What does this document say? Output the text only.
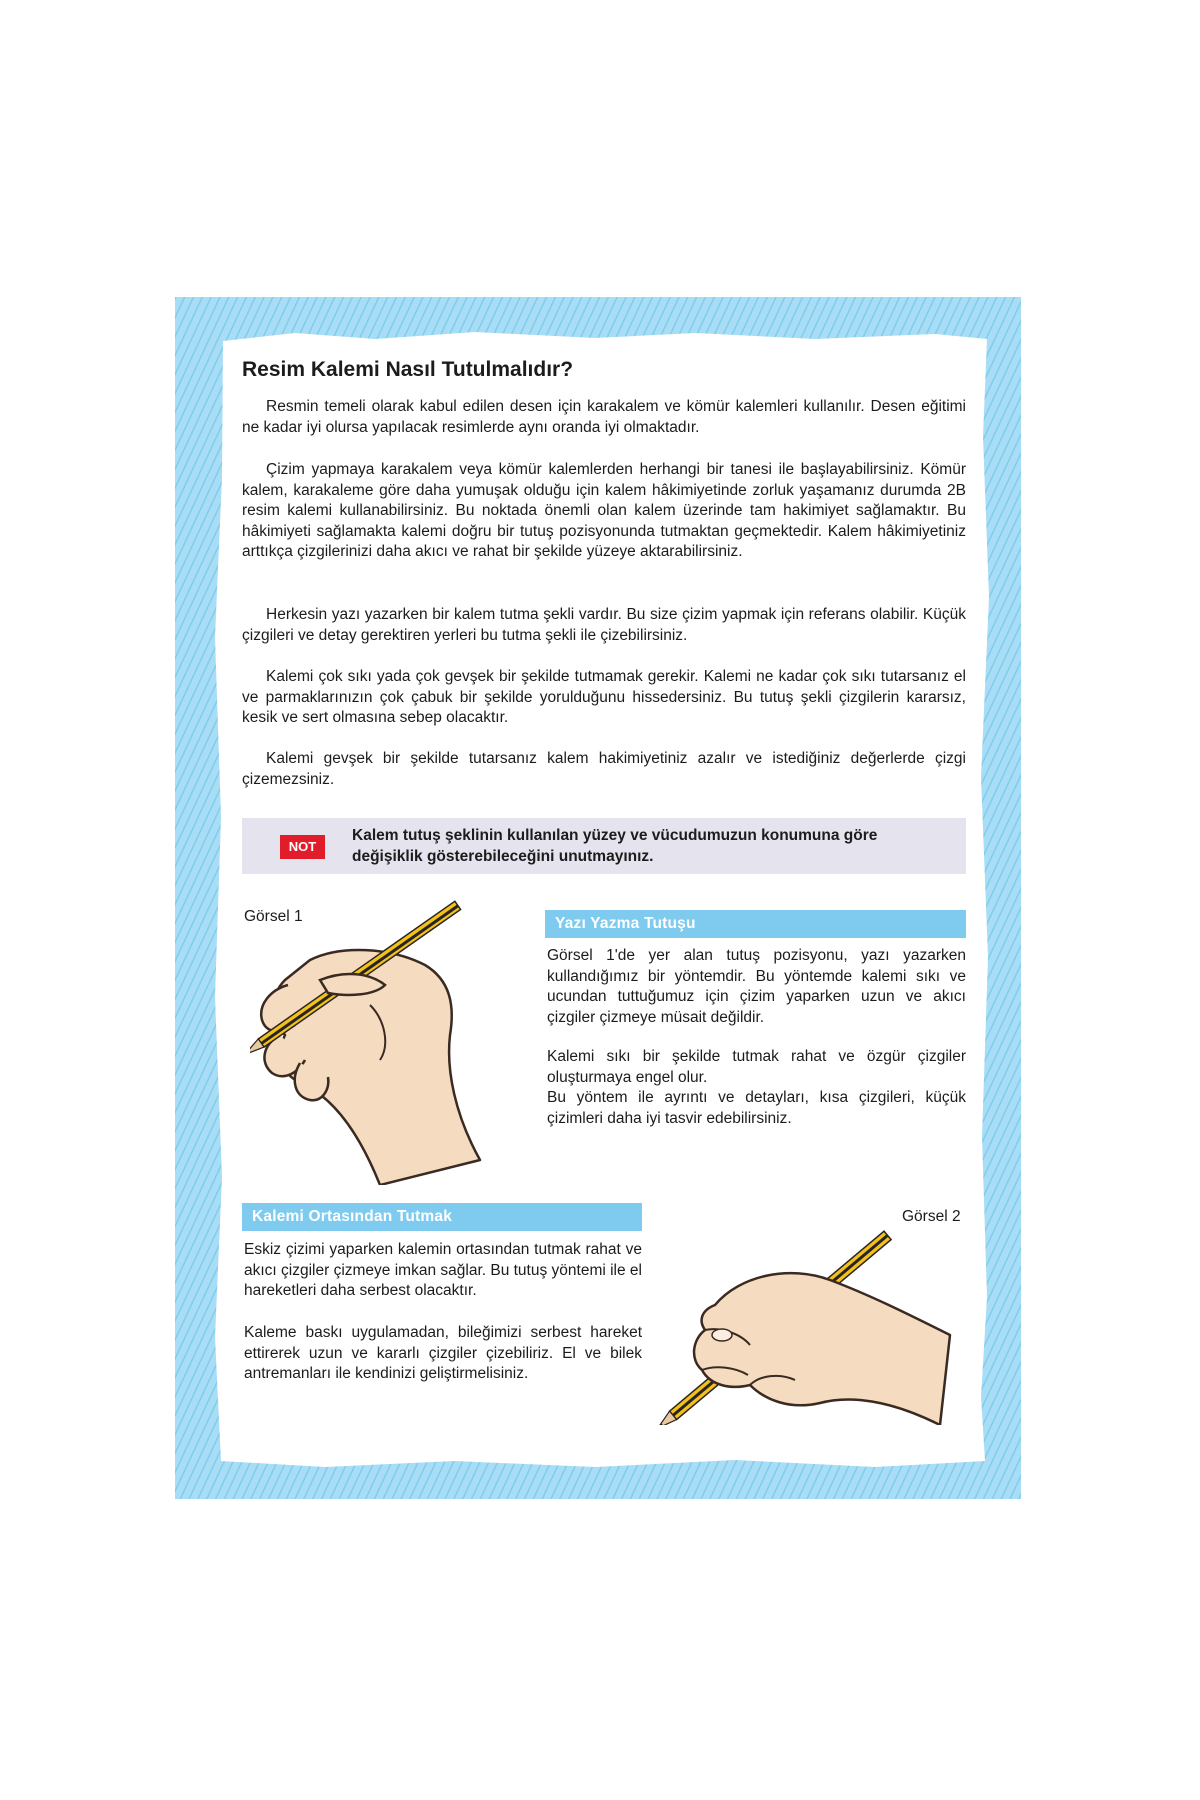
Resim Kalemi Nasıl Tutulmalıdır?

Resmin temeli olarak kabul edilen desen için karakalem ve kömür kalemleri kullanılır. Desen eğitimi ne kadar iyi olursa yapılacak resimlerde aynı oranda iyi olmaktadır.

Çizim yapmaya karakalem veya kömür kalemlerden herhangi bir tanesi ile başlayabilirsiniz. Kömür kalem, karakaleme göre daha yumuşak olduğu için kalem hâkimiyetinde zorluk yaşamanız durumda 2B resim kalemi kullanabilirsiniz. Bu noktada önemli olan kalem üzerinde tam hakimiyet sağlamaktır. Bu hâkimiyeti sağlamakta kalemi doğru bir tutuş pozisyonunda tutmaktan geçmektedir. Kalem hâkimiyetiniz arttıkça çizgilerinizi daha akıcı ve rahat bir şekilde yüzeye aktarabilirsiniz.

Herkesin yazı yazarken bir kalem tutma şekli vardır. Bu size çizim yapmak için referans olabilir. Küçük çizgileri ve detay gerektiren yerleri bu tutma şekli ile çizebilirsiniz.

Kalemi çok sıkı yada çok gevşek bir şekilde tutmamak gerekir. Kalemi ne kadar çok sıkı tutarsanız el ve parmaklarınızın çok çabuk bir şekilde yorulduğunu hissedersiniz. Bu tutuş şekli çizgilerin kararsız, kesik ve sert olmasına sebep olacaktır.

Kalemi gevşek bir şekilde tutarsanız kalem hakimiyetiniz azalır ve istediğiniz değerlerde çizgi çizemezsiniz.

NOT

Kalem tutuş şeklinin kullanılan yüzey ve vücudumuzun konumuna göre değişiklik gösterebileceğini unutmayınız.

Görsel 1	Yazı Yazma Tutuşu

Görsel 1'de yer alan tutuş pozisyonu, yazı yazarken kullandığımız bir yöntemdir. Bu yöntemde kalemi sıkı ve ucundan tuttuğumuz için çizim yaparken uzun ve akıcı çizgiler çizmeye müsait değildir.

Kalemi sıkı bir şekilde tutmak rahat ve özgür çizgiler oluşturmaya engel olur.

Bu yöntem ile ayrıntı ve detayları, kısa çizgileri, küçük çizimleri daha iyi tasvir edebilirsiniz.

Kalemi Ortasından Tutmak	Görsel 2

Eskiz çizimi yaparken kalemin ortasından tutmak rahat ve akıcı çizgiler çizmeye imkan sağlar. Bu tutuş yöntemi ile el hareketleri daha serbest olacaktır.

Kaleme baskı uygulamadan, bileğimizi serbest hareket ettirerek uzun ve kararlı çizgiler çizebiliriz. El ve bilek antremanları ile kendinizi geliştirmelisiniz.
